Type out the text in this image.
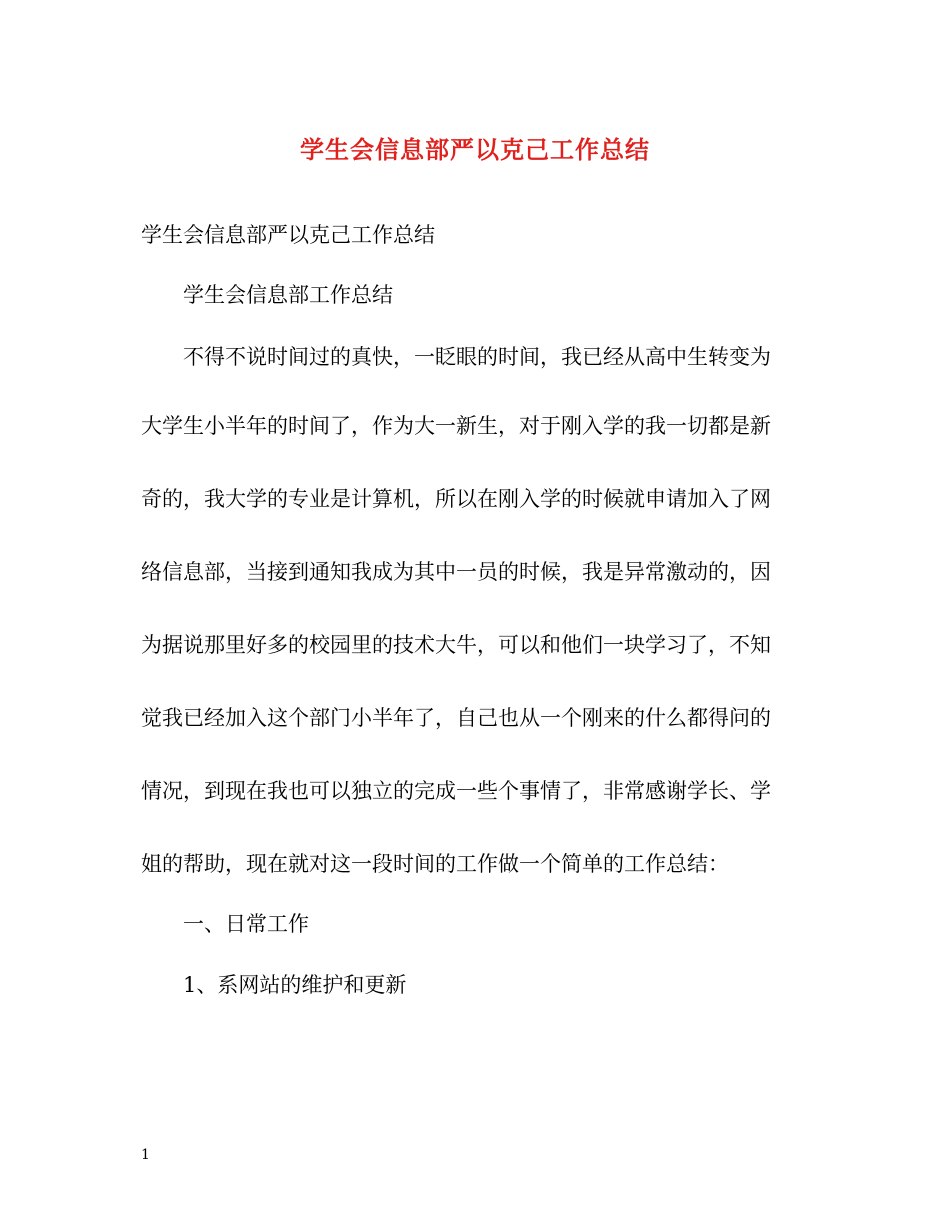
学生会信息部严以克己工作总结
学生会信息部严以克己工作总结
学生会信息部工作总结
不得不说时间过的真快，一眨眼的时间，我已经从高中生转变为
大学生小半年的时间了，作为大一新生，对于刚入学的我一切都是新
奇的，我大学的专业是计算机，所以在刚入学的时候就申请加入了网
络信息部，当接到通知我成为其中一员的时候，我是异常激动的，因
为据说那里好多的校园里的技术大牛，可以和他们一块学习了，不知
觉我已经加入这个部门小半年了，自己也从一个刚来的什么都得问的
情况，到现在我也可以独立的完成一些个事情了，非常感谢学长、学
姐的帮助，现在就对这一段时间的工作做一个简单的工作总结：
一、日常工作
1、系网站的维护和更新
1
